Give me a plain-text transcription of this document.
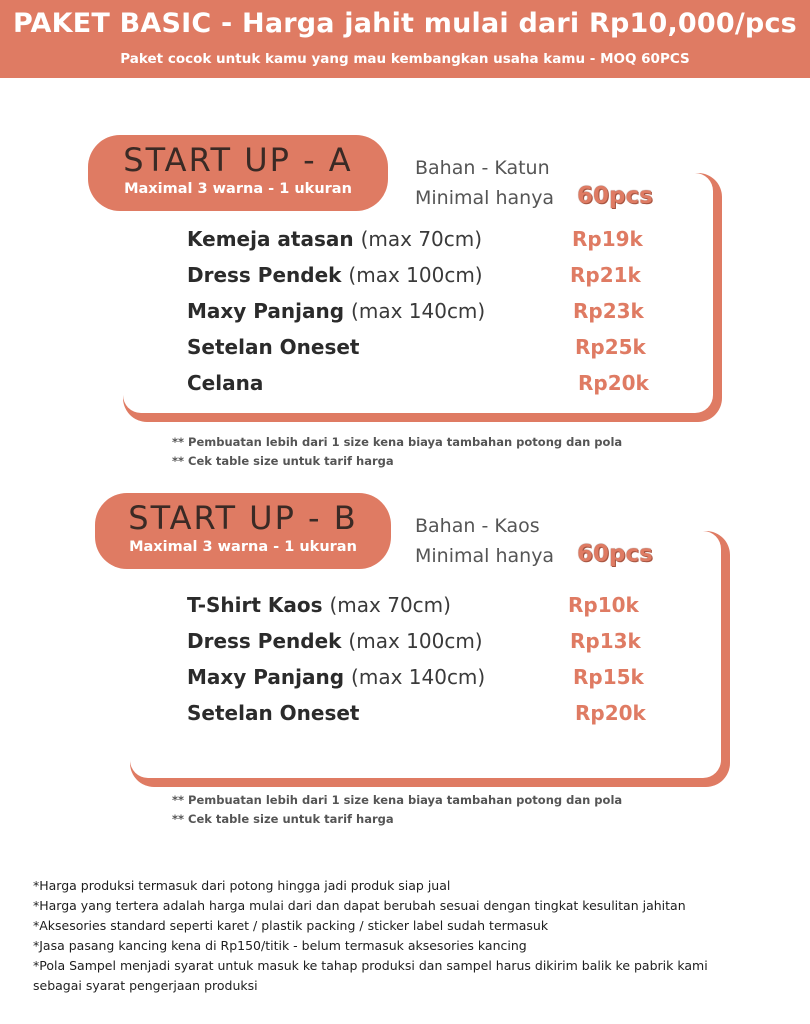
PAKET BASIC - Harga jahit mulai dari Rp10,000/pcs
Paket cocok untuk kamu yang mau kembangkan usaha kamu - MOQ 60PCS
START UP - A
Maximal 3 warna - 1 ukuran
Bahan - Katun
Minimal hanya 60pcs
Kemeja atasan (max 70cm)	Rp19k
Dress Pendek (max 100cm)	Rp21k
Maxy Panjang (max 140cm)	Rp23k
Setelan Oneset	Rp25k
Celana	Rp20k
** Pembuatan lebih dari 1 size kena biaya tambahan potong dan pola
** Cek table size untuk tarif harga
START UP - B
Maximal 3 warna - 1 ukuran
Bahan - Kaos
Minimal hanya 60pcs
T-Shirt Kaos (max 70cm)	Rp10k
Dress Pendek (max 100cm)	Rp13k
Maxy Panjang (max 140cm)	Rp15k
Setelan Oneset	Rp20k
** Pembuatan lebih dari 1 size kena biaya tambahan potong dan pola
** Cek table size untuk tarif harga
*Harga produksi termasuk dari potong hingga jadi produk siap jual
*Harga yang tertera adalah harga mulai dari dan dapat berubah sesuai dengan tingkat kesulitan jahitan
*Aksesories standard seperti karet / plastik packing / sticker label sudah termasuk
*Jasa pasang kancing kena di Rp150/titik - belum termasuk aksesories kancing
*Pola Sampel menjadi syarat untuk masuk ke tahap produksi dan sampel harus dikirim balik ke pabrik kami
sebagai syarat pengerjaan produksi
